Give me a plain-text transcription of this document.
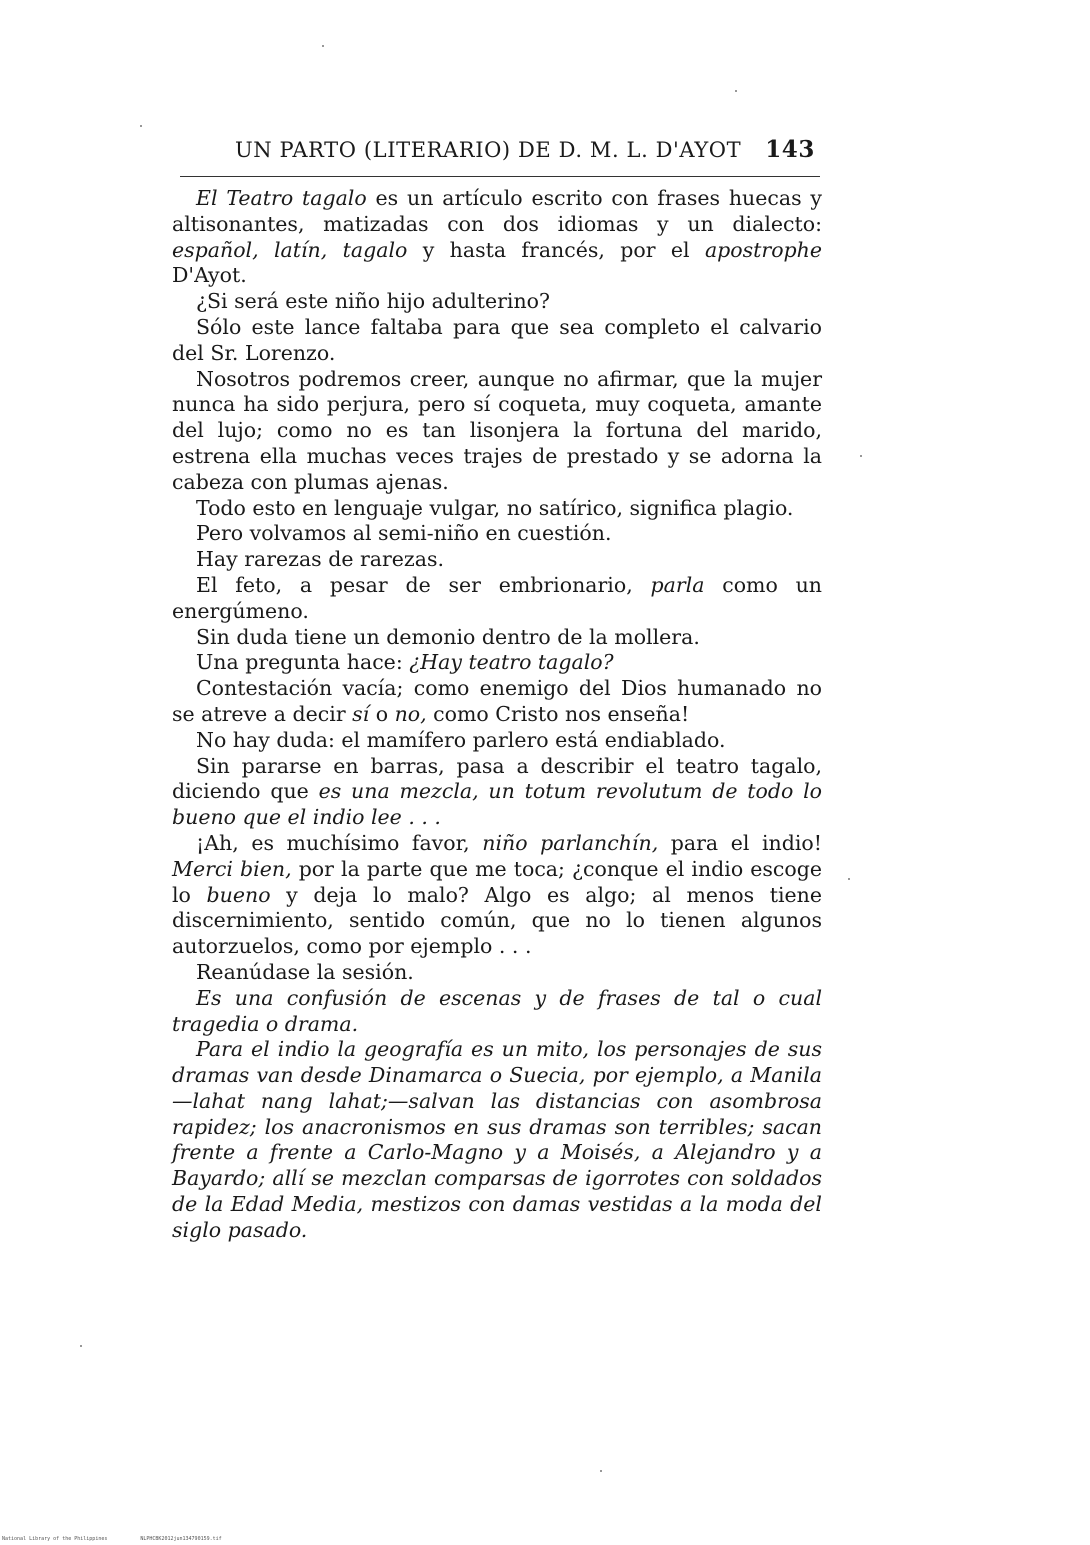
UN PARTO (LITERARIO) DE D. M. L. D'AYOT 143

El Teatro tagalo es un artículo escrito con frases huecas y altisonantes, matizadas con dos idiomas y un dialecto: español, latín, tagalo y hasta francés, por el apostrophe D'Ayot.

¿Si será este niño hijo adulterino?

Sólo este lance faltaba para que sea completo el calvario del Sr. Lorenzo.

Nosotros podremos creer, aunque no afirmar, que la mujer nunca ha sido perjura, pero sí coqueta, muy coqueta, amante del lujo; como no es tan lisonjera la fortuna del marido, estrena ella muchas veces trajes de prestado y se adorna la cabeza con plumas ajenas.

Todo esto en lenguaje vulgar, no satírico, significa plagio.

Pero volvamos al semi-niño en cuestión.

Hay rarezas de rarezas.

El feto, a pesar de ser embrionario, parla como un energúmeno.

Sin duda tiene un demonio dentro de la mollera.

Una pregunta hace: ¿Hay teatro tagalo?

Contestación vacía; como enemigo del Dios humanado no se atreve a decir sí o no, como Cristo nos enseña!

No hay duda: el mamífero parlero está endiablado.

Sin pararse en barras, pasa a describir el teatro tagalo, diciendo que es una mezcla, un totum revolutum de todo lo bueno que el indio lee . . .

¡Ah, es muchísimo favor, niño parlanchín, para el indio! Merci bien, por la parte que me toca; ¿conque el indio escoge lo bueno y deja lo malo? Algo es algo; al menos tiene discernimiento, sentido común, que no lo tienen algunos autorzuelos, como por ejemplo . . .

Reanúdase la sesión.

Es una confusión de escenas y de frases de tal o cual tragedia o drama.

Para el indio la geografía es un mito, los personajes de sus dramas van desde Dinamarca o Suecia, por ejemplo, a Manila—lahat nang lahat;—salvan las distancias con asombrosa rapidez; los anacronismos en sus dramas son terribles; sacan frente a frente a Carlo-Magno y a Moisés, a Alejandro y a Bayardo; allí se mezclan comparsas de igorrotes con soldados de la Edad Media, mestizos con damas vestidas a la moda del siglo pasado.

National Library of the Philippines	NLPHCBK2012jun134790159.tif
